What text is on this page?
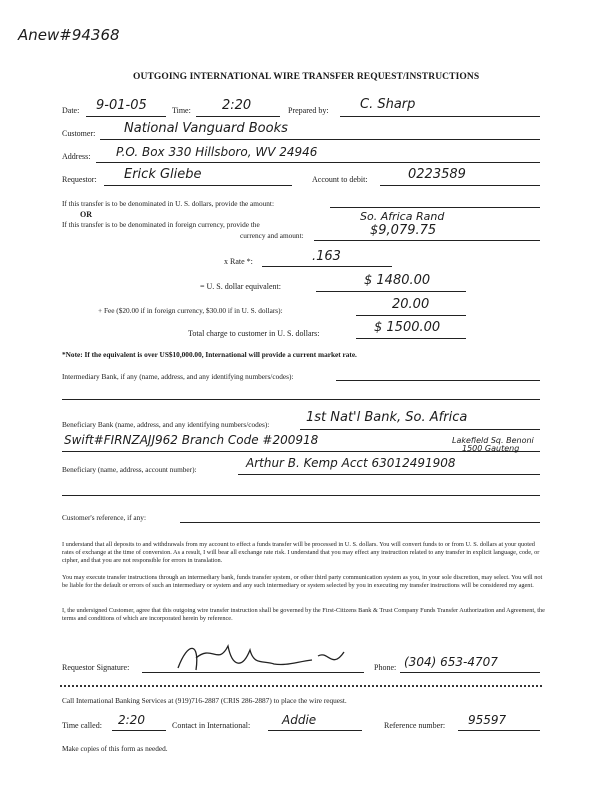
Anew#94368
OUTGOING INTERNATIONAL WIRE TRANSFER REQUEST/INSTRUCTIONS
Date: 9-01-05	Time: 2:20	Prepared by: C. Sharp
Customer: National Vanguard Books
Address: P.O. Box 330 Hillsboro, WV 24946
Requestor: Erick Gliebe	Account to debit:	0223589
If this transfer is to be denominated in U. S. dollars, provide the amount:
OR
If this transfer is to be denominated in foreign currency, provide the
currency and amount:
So. Africa Rand
$9,079.75
x Rate *:	.163
= U. S. dollar equivalent:	$ 1480.00
+ Fee ($20.00 if in foreign currency, $30.00 if in U. S. dollars):	20.00
Total charge to customer in U. S. dollars:	$ 1500.00
*Note: If the equivalent is over US$10,000.00, International will provide a current market rate.
Intermediary Bank, if any (name, address, and any identifying numbers/codes):
Beneficiary Bank (name, address, and any identifying numbers/codes):	1st Nat'l Bank, So. Africa
Swift#FIRNZAJJ962 Branch Code #200918	Lakefield Sq. Benoni
1500 Gauteng
Beneficiary (name, address, account number):	Arthur B. Kemp Acct 63012491908
Customer's reference, if any:
I understand that all deposits to and withdrawals from my account to effect a funds transfer will be processed in U. S. dollars. You will convert funds to or from U. S. dollars at your quoted rates of exchange at the time of conversion. As a result, I will bear all exchange rate risk. I understand that you may effect any instruction related to any transfer in explicit language, code, or cipher, and that you are not responsible for errors in translation.
You may execute transfer instructions through an intermediary bank, funds transfer system, or other third party communication system as you, in your sole discretion, may select. You will not be liable for the default or errors of such an intermediary or system and any such intermediary or system selected by you in executing my transfer instructions will be considered my agent.
I, the undersigned Customer, agree that this outgoing wire transfer instruction shall be governed by the First-Citizens Bank & Trust Company Funds Transfer Authorization and Agreement, the terms and conditions of which are incorporated herein by reference.
Requestor Signature:	Phone: (304) 653-4707
Call International Banking Services at (919)716-2887 (CRIS 286-2887) to place the wire request.
Time called: 2:20	Contact in International:	Addie	Reference number: 95597
Make copies of this form as needed.
